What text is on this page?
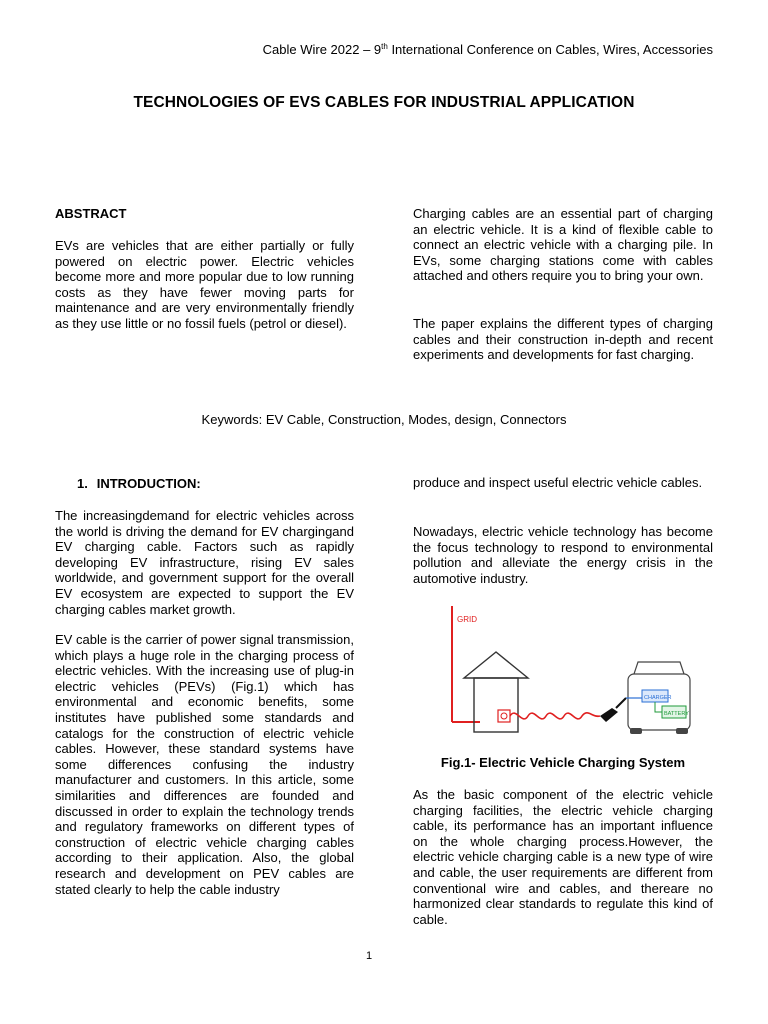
Cable Wire 2022 – 9th International Conference on Cables, Wires, Accessories
TECHNOLOGIES OF EVS CABLES FOR INDUSTRIAL APPLICATION

ABSTRACT

EVs are vehicles that are either partially or fully powered on electric power. Electric vehicles become more and more popular due to low running costs as they have fewer moving parts for maintenance and are very environmentally friendly as they use little or no fossil fuels (petrol or diesel).

Charging cables are an essential part of charging an electric vehicle. It is a kind of flexible cable to connect an electric vehicle with a charging pile. In EVs, some charging stations come with cables attached and others require you to bring your own.

The paper explains the different types of charging cables and their construction in-depth and recent experiments and developments for fast charging.

Keywords: EV Cable, Construction, Modes, design, Connectors
1. INTRODUCTION:

The increasingdemand for electric vehicles across the world is driving the demand for EV chargingand EV charging cable. Factors such as rapidly developing EV infrastructure, rising EV sales worldwide, and government support for the overall EV ecosystem are expected to support the EV charging cables market growth.

EV cable is the carrier of power signal transmission, which plays a huge role in the charging process of electric vehicles. With the increasing use of plug-in electric vehicles (PEVs) (Fig.1) which has environmental and economic benefits, some institutes have published some standards and catalogs for the construction of electric vehicle cables. However, these standard systems have some differences confusing the industry manufacturer and customers. In this article, some similarities and differences are founded and discussed in order to explain the technology trends and regulatory frameworks on different types of construction of electric vehicle charging cables according to their application. Also, the global research and development on PEV cables are stated clearly to help the cable industry

produce and inspect useful electric vehicle cables.

Nowadays, electric vehicle technology has become the focus technology to respond to environmental pollution and alleviate the energy crisis in the automotive industry.

GRID
CHARGER
BATTERY
Fig.1- Electric Vehicle Charging System

As the basic component of the electric vehicle charging facilities, the electric vehicle charging cable, its performance has an important influence on the whole charging process.However, the electric vehicle charging cable is a new type of wire and cable, the user requirements are different from conventional wire and cables, and thereare no harmonized clear standards to regulate this kind of cable.

1
